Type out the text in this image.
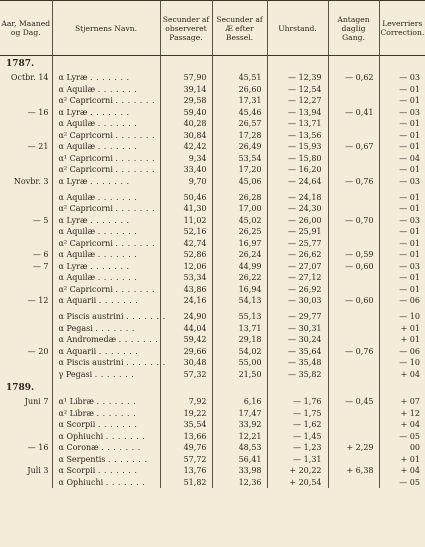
Aar, Maaned og Dag.	Stjernens Navn.	Secunder af observeret Passage.	Secunder af Æ efter Bessel.	Uhrstand.	Antagen daglig Gang.	Leverriers Correction.
1787.						
Octbr. 14	α Lyræ . . . . . . .	57,90	45,51	— 12,39	— 0,62	— 03
	α Aquilæ . . . . . . .	39,14	26,60	— 12,54		— 01
	α² Capricorni . . . . . . .	29,58	17,31	— 12,27		— 01
— 16	α Lyræ . . . . . . .	59,40	45,46	— 13,94	— 0,41	— 03
	α Aquilæ . . . . . . .	40,28	26,57	— 13,71		— 01
	α² Capricorni . . . . . . .	30,84	17,28	— 13,56		— 01
— 21	α Aquilæ . . . . . . .	42,42	26,49	— 15,93	— 0,67	— 01
	α¹ Capricorni . . . . . . .	9,34	53,54	— 15,80		— 04
	α² Capricorni . . . . . . .	33,40	17,20	— 16,20		— 01
Novbr. 3	α Lyræ . . . . . . .	9,70	45,06	— 24,64	— 0,76	— 03

	α Aquilæ . . . . . . .	50,46	26,28	— 24,18		— 01
	α² Capricorni . . . . . . .	41,30	17,00	— 24,30		— 01
— 5	α Lyræ . . . . . . .	11,02	45,02	— 26,00	— 0,70	— 03
	α Aquilæ . . . . . . .	52,16	26,25	— 25,91		— 01
	α² Capricorni . . . . . . .	42,74	16,97	— 25,77		— 01
— 6	α Aquilæ . . . . . . .	52,86	26,24	— 26,62	— 0,59	— 01
— 7	α Lyræ . . . . . . .	12,06	44,99	— 27,07	— 0,60	— 03
	α Aquilæ . . . . . . .	53,34	26,22	— 27,12		— 01
	α² Capricorni . . . . . . .	43,86	16,94	— 26,92		— 01
— 12	α Aquarii . . . . . . .	24,16	54,13	— 30,03	— 0,60	— 06

	α Piscis austrini . . . . . . .	24,90	55,13	— 29,77		— 10
	α Pegasi . . . . . . .	44,04	13,71	— 30,31		+ 01
	α Andromedæ . . . . . . .	59,42	29,18	— 30,24		+ 01
— 20	α Aquarii . . . . . . .	29,66	54,02	— 35,64	— 0,76	— 06
	α Piscis austrini . . . . . . .	30,48	55,00	— 35,48		— 10
	γ Pegasi . . . . . . .	57,32	21,50	— 35,82		+ 04
1789.						
Juni 7	α¹ Libræ . . . . . . .	7,92	6,16	— 1,76	— 0,45	+ 07
	α² Libræ . . . . . . .	19,22	17,47	— 1,75		+ 12
	α Scorpii . . . . . . .	35,54	33,92	— 1,62		+ 04
	α Ophiuchi . . . . . . .	13,66	12,21	— 1,45		— 05
— 16	α Coronæ . . . . . . .	49,76	48,53	— 1,23	+ 2,29	00
	α Serpentis . . . . . . .	57,72	56,41	— 1,31		+ 01
Juli 3	α Scorpii . . . . . . .	13,76	33,98	+ 20,22	+ 6,38	+ 04
	α Ophiuchi . . . . . . .	51,82	12,36	+ 20,54		— 05
